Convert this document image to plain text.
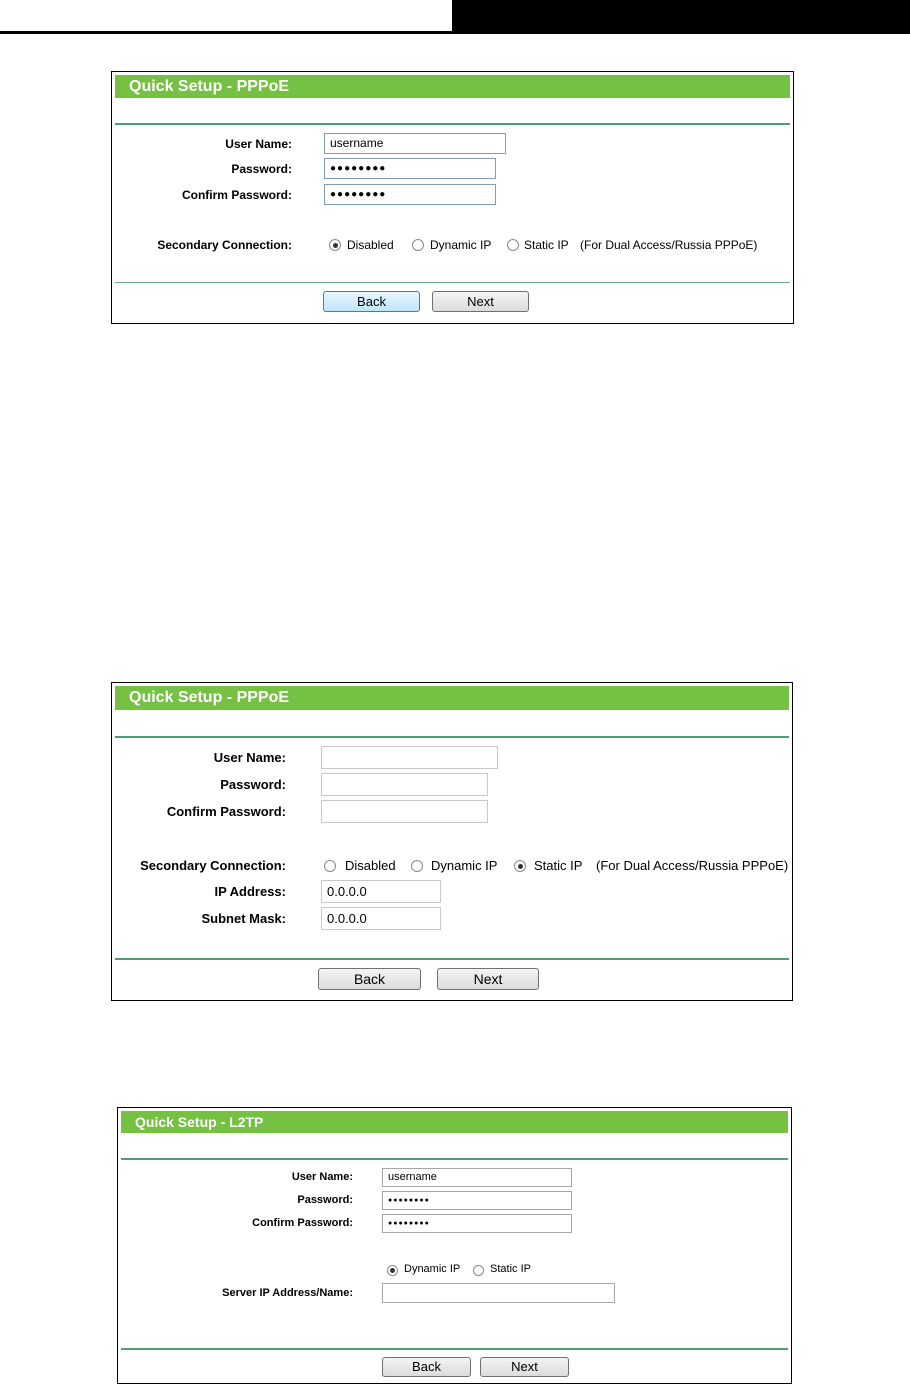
Quick Setup - PPPoE
User Name:	username
Password:	●●●●●●●●
Confirm Password:	●●●●●●●●
Secondary Connection:	Disabled	Dynamic IP	Static IP (For Dual Access/Russia PPPoE)
Back	Next
Quick Setup - PPPoE
User Name:
Password:
Confirm Password:
Secondary Connection:	Disabled	Dynamic IP	Static IP (For Dual Access/Russia PPPoE)
IP Address:	0.0.0.0
Subnet Mask:	0.0.0.0
Back	Next
Quick Setup - L2TP
User Name:	username
Password:	●●●●●●●●
Confirm Password:	●●●●●●●●
Dynamic IP	Static IP
Server IP Address/Name:
Back	Next
